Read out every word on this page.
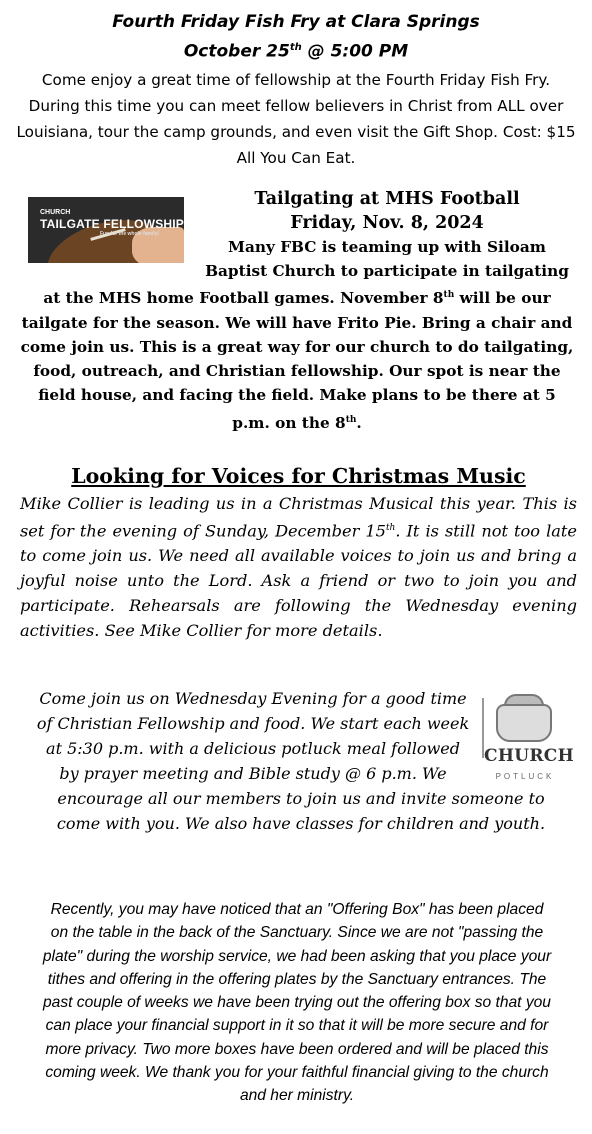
Fourth Friday Fish Fry at Clara Springs
October 25th @ 5:00 PM
Come enjoy a great time of fellowship at the Fourth Friday Fish Fry. During this time you can meet fellow believers in Christ from ALL over Louisiana, tour the camp grounds, and even visit the Gift Shop. Cost: $15 All You Can Eat.
CHURCH
TAILGATE FELLOWSHIP
Fun for the whole family!
Tailgating at MHS Football
Friday, Nov. 8, 2024
Many FBC is teaming up with Siloam Baptist Church to participate in tailgating at the MHS home Football games. November 8th will be our tailgate for the season. We will have Frito Pie. Bring a chair and come join us. This is a great way for our church to do tailgating, food, outreach, and Christian fellowship. Our spot is near the field house, and facing the field. Make plans to be there at 5 p.m. on the 8th.
Looking for Voices for Christmas Music
Mike Collier is leading us in a Christmas Musical this year. This is set for the evening of Sunday, December 15th. It is still not too late to come join us. We need all available voices to join us and bring a joyful noise unto the Lord. Ask a friend or two to join you and participate. Rehearsals are following the Wednesday evening activities. See Mike Collier for more details.
CHURCH
POTLUCK
Come join us on Wednesday Evening for a good time of Christian Fellowship and food. We start each week at 5:30 p.m. with a delicious potluck meal followed by prayer meeting and Bible study @ 6 p.m. We encourage all our members to join us and invite someone to come with you. We also have classes for children and youth.
Recently, you may have noticed that an "Offering Box" has been placed on the table in the back of the Sanctuary. Since we are not "passing the plate" during the worship service, we had been asking that you place your tithes and offering in the offering plates by the Sanctuary entrances. The past couple of weeks we have been trying out the offering box so that you can place your financial support in it so that it will be more secure and for more privacy. Two more boxes have been ordered and will be placed this coming week. We thank you for your faithful financial giving to the church and her ministry.
